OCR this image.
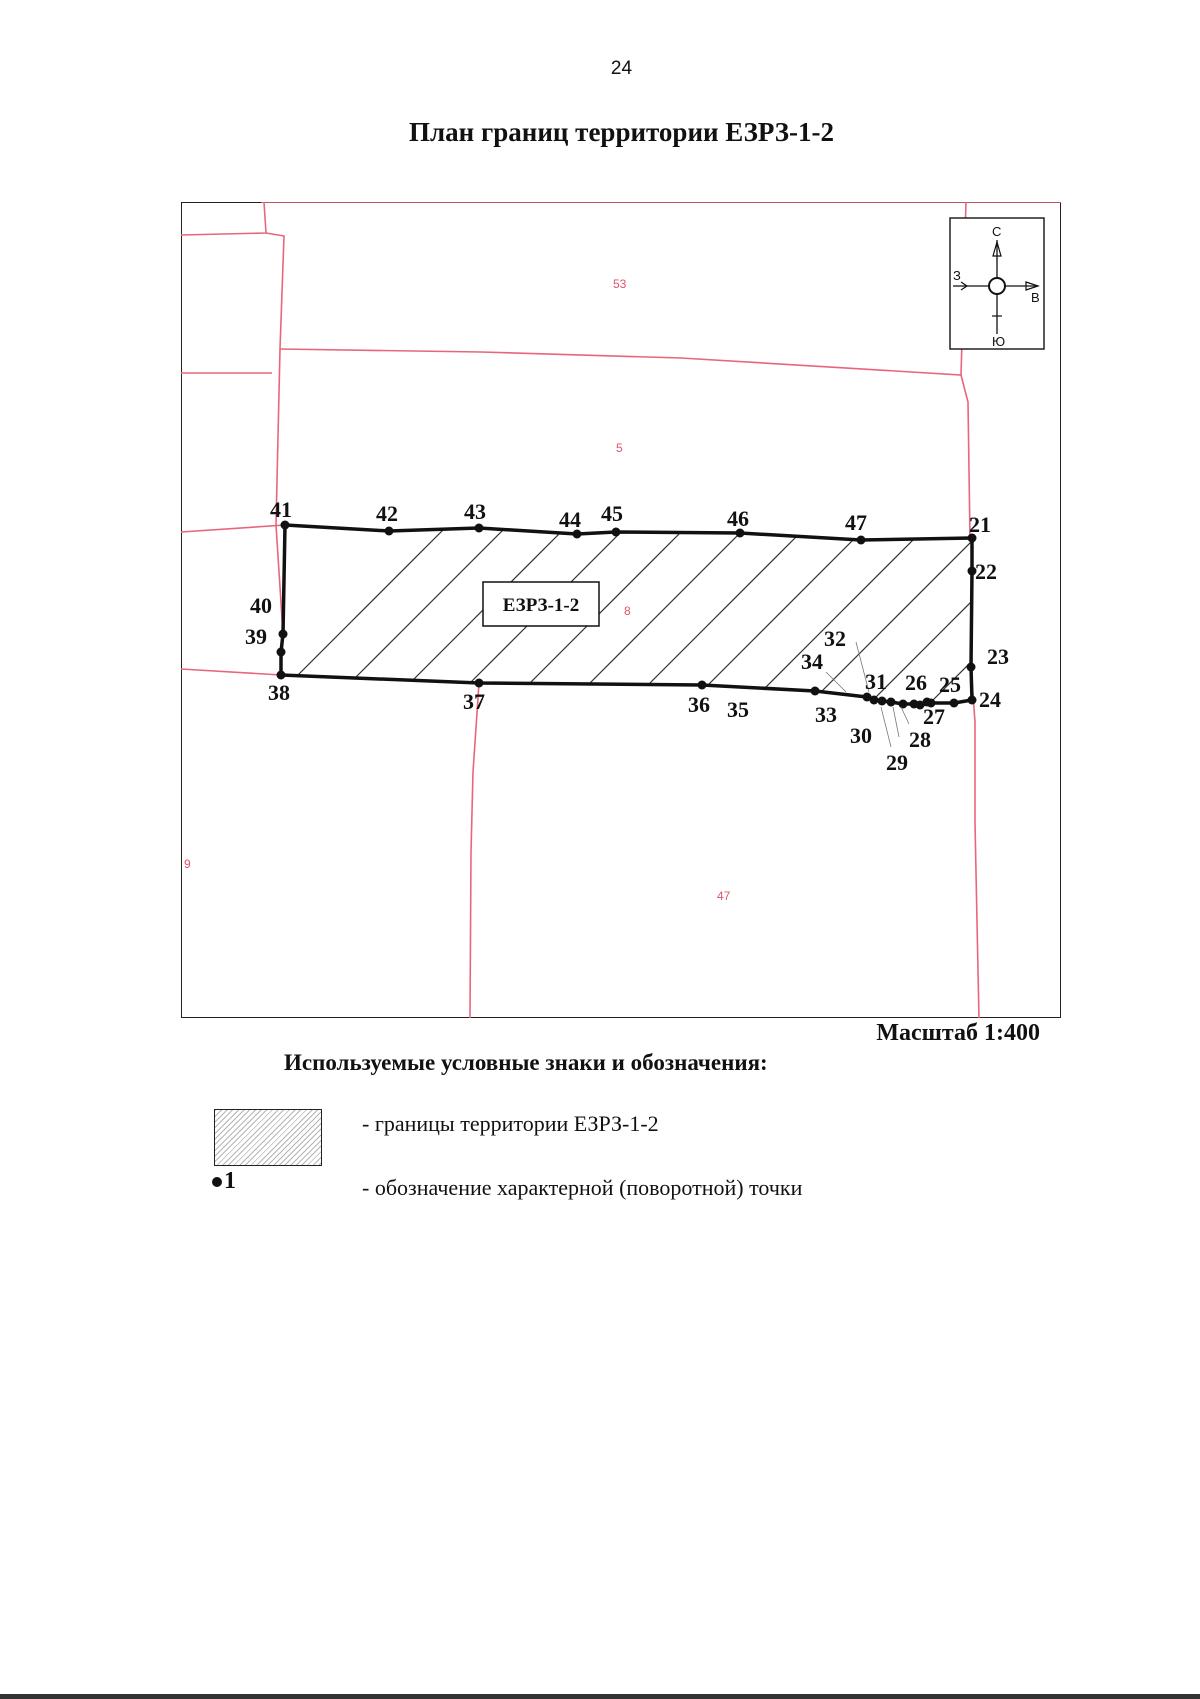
24
План границ территории ЕЗРЗ-1-2
21
22
23
24
25
26
27
28
29
30
31
32
33
34
35
36
37
38
39
40
41	42	43	44 45	46	47
ЕЗРЗ-1-2
53
5
8
47
9
С
Ю
З
В
Масштаб 1:400
Используемые условные знаки и обозначения:
- границы территории ЕЗРЗ-1-2
1	- обозначение характерной (поворотной) точки
